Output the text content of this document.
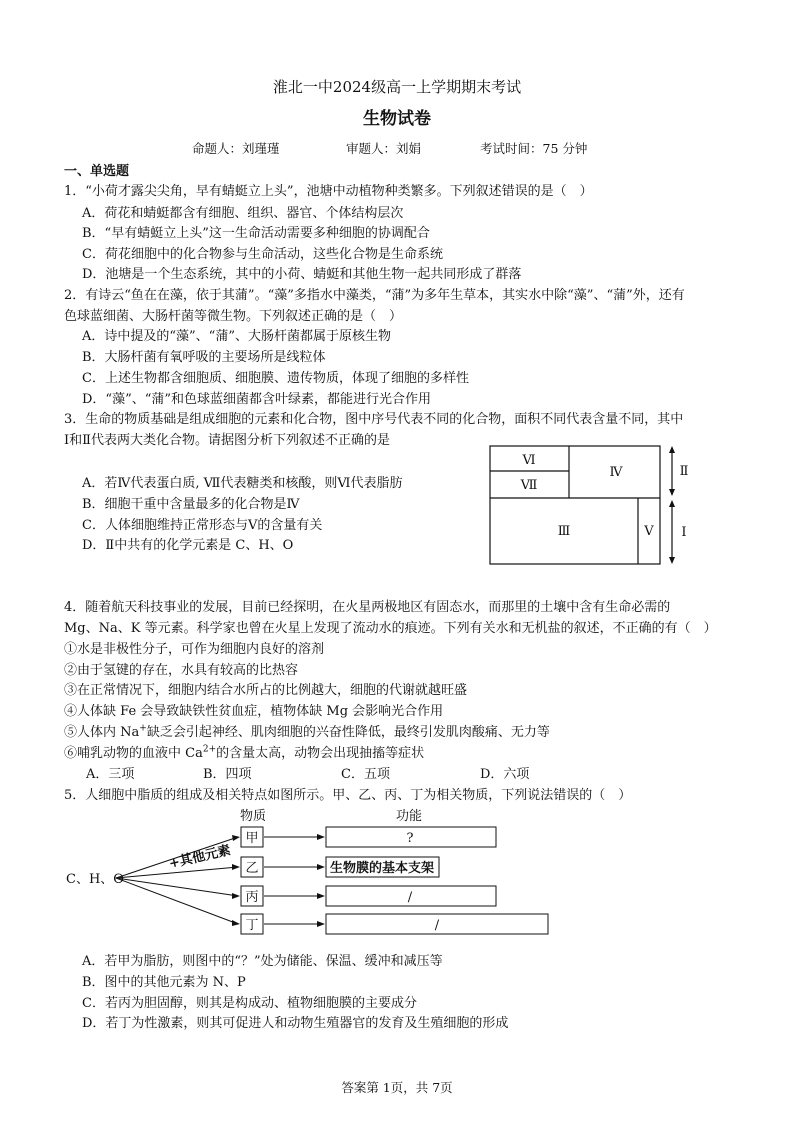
淮北一中2024级高一上学期期末考试
生物试卷
命题人：刘瑾瑾	审题人：刘娟	考试时间：75 分钟
一、单选题
1．“小荷才露尖尖角，早有蜻蜓立上头”，池塘中动植物种类繁多。下列叙述错误的是（　）
A．荷花和蜻蜓都含有细胞、组织、器官、个体结构层次
B．“早有蜻蜓立上头”这一生命活动需要多种细胞的协调配合
C．荷花细胞中的化合物参与生命活动，这些化合物是生命系统
D．池塘是一个生态系统，其中的小荷、蜻蜓和其他生物一起共同形成了群落
2．有诗云“鱼在在藻，依于其蒲”。“藻”多指水中藻类，“蒲”为多年生草本，其实水中除“藻”、“蒲”外，还有
色球蓝细菌、大肠杆菌等微生物。下列叙述正确的是（　）
A．诗中提及的“藻”、“蒲”、大肠杆菌都属于原核生物
B．大肠杆菌有氧呼吸的主要场所是线粒体
C．上述生物都含细胞质、细胞膜、遗传物质，体现了细胞的多样性
D．“藻”、“蒲”和色球蓝细菌都含叶绿素，都能进行光合作用
3．生命的物质基础是组成细胞的元素和化合物，图中序号代表不同的化合物，面积不同代表含量不同，其中
Ⅰ和Ⅱ代表两大类化合物。请据图分析下列叙述不正确的是
A．若Ⅳ代表蛋白质, Ⅶ代表糖类和核酸，则Ⅵ代表脂肪
B．细胞干重中含量最多的化合物是Ⅳ
C．人体细胞维持正常形态与Ⅴ的含量有关
D．Ⅱ中共有的化学元素是 C、H、O
Ⅵ
Ⅶ
Ⅳ
Ⅲ	Ⅴ
Ⅱ
Ⅰ
4．随着航天科技事业的发展，目前已经探明，在火星两极地区有固态水，而那里的土壤中含有生命必需的
Mg、Na、K 等元素。科学家也曾在火星上发现了流动水的痕迹。下列有关水和无机盐的叙述，不正确的有（　）
①水是非极性分子，可作为细胞内良好的溶剂
②由于氢键的存在，水具有较高的比热容
③在正常情况下，细胞内结合水所占的比例越大，细胞的代谢就越旺盛
④人体缺 Fe 会导致缺铁性贫血症，植物体缺 Mg 会影响光合作用
⑤人体内 Na+缺乏会引起神经、肌肉细胞的兴奋性降低，最终引发肌肉酸痛、无力等
⑥哺乳动物的血液中 $Ca^{2+}$的含量太高，动物会出现抽搐等症状
A．三项	B．四项	C．五项	D．六项
5．人细胞中脂质的组成及相关特点如图所示。甲、乙、丙、丁为相关物质，下列说法错误的（　）
物质	功能
C、H、O
+其他元素
甲
乙
丙
丁
?
生物膜的基本支架
/
/
A．若甲为脂肪，则图中的“？”处为储能、保温、缓冲和减压等
B．图中的其他元素为 N、P
C．若丙为胆固醇，则其是构成动、植物细胞膜的主要成分
D．若丁为性激素，则其可促进人和动物生殖器官的发育及生殖细胞的形成
答案第 1页，共 7页
